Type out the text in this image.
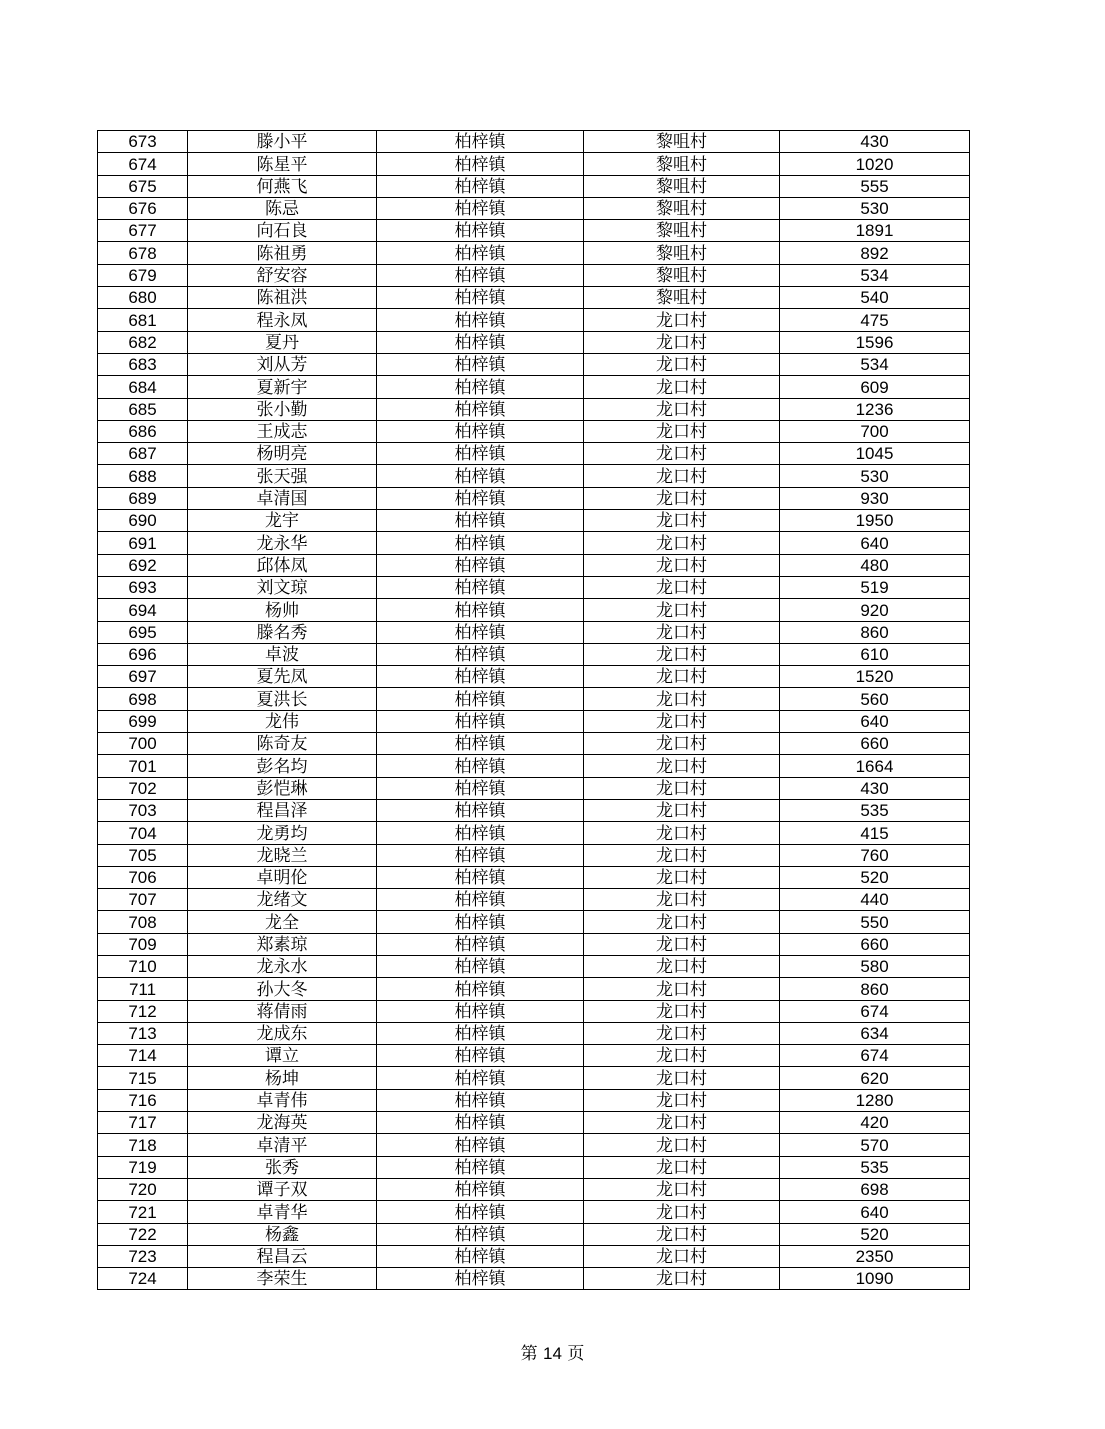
673	滕小平	柏梓镇	黎咀村	430
674	陈星平	柏梓镇	黎咀村	1020
675	何燕飞	柏梓镇	黎咀村	555
676	陈忌	柏梓镇	黎咀村	530
677	向石良	柏梓镇	黎咀村	1891
678	陈祖勇	柏梓镇	黎咀村	892
679	舒安容	柏梓镇	黎咀村	534
680	陈祖洪	柏梓镇	黎咀村	540
681	程永凤	柏梓镇	龙口村	475
682	夏丹	柏梓镇	龙口村	1596
683	刘从芳	柏梓镇	龙口村	534
684	夏新宇	柏梓镇	龙口村	609
685	张小勤	柏梓镇	龙口村	1236
686	王成志	柏梓镇	龙口村	700
687	杨明亮	柏梓镇	龙口村	1045
688	张天强	柏梓镇	龙口村	530
689	卓清国	柏梓镇	龙口村	930
690	龙宇	柏梓镇	龙口村	1950
691	龙永华	柏梓镇	龙口村	640
692	邱体凤	柏梓镇	龙口村	480
693	刘文琼	柏梓镇	龙口村	519
694	杨帅	柏梓镇	龙口村	920
695	滕名秀	柏梓镇	龙口村	860
696	卓波	柏梓镇	龙口村	610
697	夏先凤	柏梓镇	龙口村	1520
698	夏洪长	柏梓镇	龙口村	560
699	龙伟	柏梓镇	龙口村	640
700	陈奇友	柏梓镇	龙口村	660
701	彭名均	柏梓镇	龙口村	1664
702	彭恺琳	柏梓镇	龙口村	430
703	程昌泽	柏梓镇	龙口村	535
704	龙勇均	柏梓镇	龙口村	415
705	龙晓兰	柏梓镇	龙口村	760
706	卓明伦	柏梓镇	龙口村	520
707	龙绪文	柏梓镇	龙口村	440
708	龙全	柏梓镇	龙口村	550
709	郑素琼	柏梓镇	龙口村	660
710	龙永水	柏梓镇	龙口村	580
711	孙大冬	柏梓镇	龙口村	860
712	蒋倩雨	柏梓镇	龙口村	674
713	龙成东	柏梓镇	龙口村	634
714	谭立	柏梓镇	龙口村	674
715	杨坤	柏梓镇	龙口村	620
716	卓青伟	柏梓镇	龙口村	1280
717	龙海英	柏梓镇	龙口村	420
718	卓清平	柏梓镇	龙口村	570
719	张秀	柏梓镇	龙口村	535
720	谭子双	柏梓镇	龙口村	698
721	卓青华	柏梓镇	龙口村	640
722	杨鑫	柏梓镇	龙口村	520
723	程昌云	柏梓镇	龙口村	2350
724	李荣生	柏梓镇	龙口村	1090
第 14 页
